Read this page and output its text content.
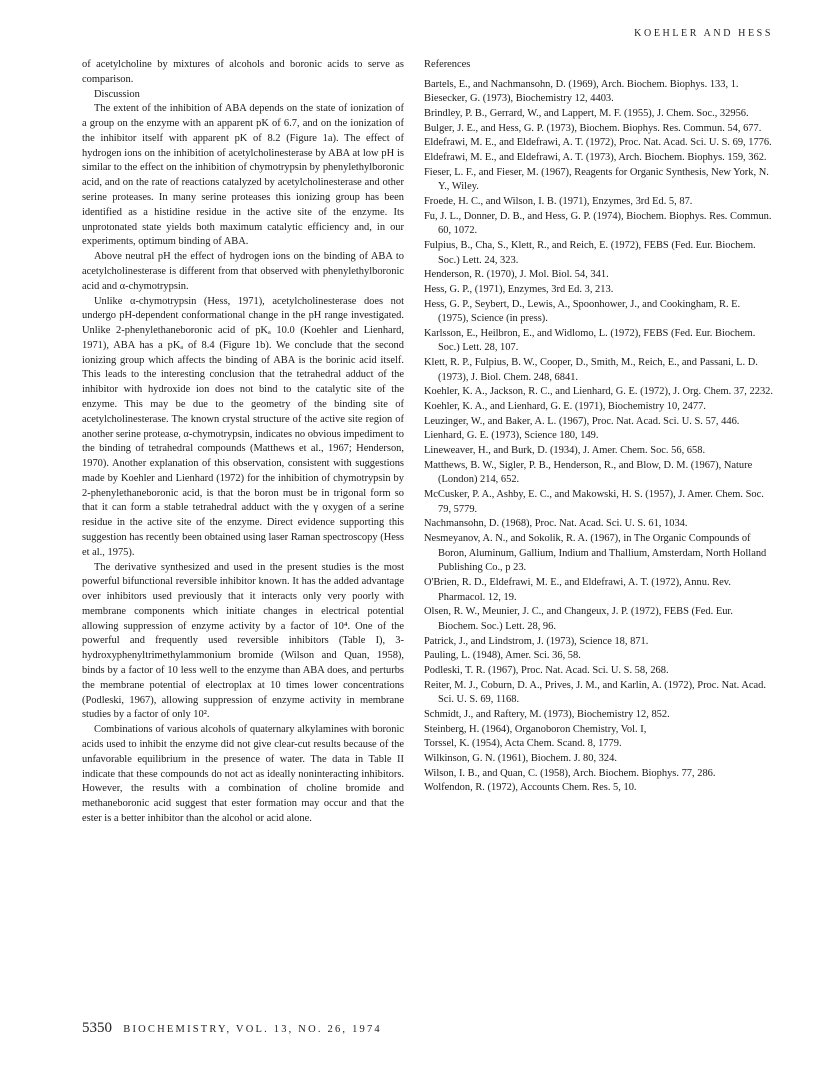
KOEHLER AND HESS

of acetylcholine by mixtures of alcohols and boronic acids to serve as comparison.

Discussion

The extent of the inhibition of ABA depends on the state of ionization of a group on the enzyme with an apparent pK of 6.7, and on the ionization of the inhibitor itself with apparent pK of 8.2 (Figure 1a). The effect of hydrogen ions on the inhibition of acetylcholinesterase by ABA at low pH is similar to the effect on the inhibition of chymotrypsin by phenylethylboronic acid, and on the rate of reactions catalyzed by acetylcholinesterase and other serine proteases. In many serine proteases this ionizing group has been identified as a histidine residue in the active site of the enzyme. Its unprotonated state yields both maximum catalytic efficiency and, in our experiments, optimum binding of ABA.

Above neutral pH the effect of hydrogen ions on the binding of ABA to acetylcholinesterase is different from that observed with phenylethylboronic acid and α-chymotrypsin.

Unlike α-chymotrypsin (Hess, 1971), acetylcholinesterase does not undergo pH-dependent conformational change in the pH range investigated. Unlike 2-phenylethaneboronic acid of pKₐ 10.0 (Koehler and Lienhard, 1971), ABA has a pKₐ of 8.4 (Figure 1b). We conclude that the second ionizing group which affects the binding of ABA is the borinic acid itself. This leads to the interesting conclusion that the tetrahedral adduct of the inhibitor with hydroxide ion does not bind to the catalytic site of the enzyme. This may be due to the geometry of the binding site of acetylcholinesterase. The known crystal structure of the active site region of another serine protease, α-chymotrypsin, indicates no obvious impediment to the binding of tetrahedral compounds (Matthews et al., 1967; Henderson, 1970). Another explanation of this observation, consistent with suggestions made by Koehler and Lienhard (1972) for the inhibition of chymotrypsin by 2-phenylethaneboronic acid, is that the boron must be in trigonal form so that it can form a stable tetrahedral adduct with the γ oxygen of a serine residue in the active site of the enzyme. Direct evidence supporting this suggestion has recently been obtained using laser Raman spectroscopy (Hess et al., 1975).

The derivative synthesized and used in the present studies is the most powerful bifunctional reversible inhibitor known. It has the added advantage over inhibitors used previously that it interacts only very poorly with membrane components which initiate changes in electrical potential allowing suppression of enzyme activity by a factor of 10⁴. One of the powerful and frequently used reversible inhibitors (Table I), 3-hydroxyphenyltrimethylammonium bromide (Wilson and Quan, 1958), binds by a factor of 10 less well to the enzyme than ABA does, and perturbs the membrane potential of electroplax at 10 times lower concentrations (Podleski, 1967), allowing suppression of enzyme activity in membrane studies by a factor of only 10².

Combinations of various alcohols of quaternary alkylamines with boronic acids used to inhibit the enzyme did not give clear-cut results because of the unfavorable equilibrium in the presence of water. The data in Table II indicate that these compounds do not act as ideally noninteracting inhibitors. However, the results with a combination of choline bromide and methaneboronic acid suggest that ester formation may occur and that the ester is a better inhibitor than the alcohol or acid alone.

References

Bartels, E., and Nachmansohn, D. (1969), Arch. Biochem. Biophys. 133, 1.

Biesecker, G. (1973), Biochemistry 12, 4403.

Brindley, P. B., Gerrard, W., and Lappert, M. F. (1955), J. Chem. Soc., 32956.

Bulger, J. E., and Hess, G. P. (1973), Biochem. Biophys. Res. Commun. 54, 677.

Eldefrawi, M. E., and Eldefrawi, A. T. (1972), Proc. Nat. Acad. Sci. U. S. 69, 1776.

Eldefrawi, M. E., and Eldefrawi, A. T. (1973), Arch. Biochem. Biophys. 159, 362.

Fieser, L. F., and Fieser, M. (1967), Reagents for Organic Synthesis, New York, N. Y., Wiley.

Froede, H. C., and Wilson, I. B. (1971), Enzymes, 3rd Ed. 5, 87.

Fu, J. L., Donner, D. B., and Hess, G. P. (1974), Biochem. Biophys. Res. Commun. 60, 1072.

Fulpius, B., Cha, S., Klett, R., and Reich, E. (1972), FEBS (Fed. Eur. Biochem. Soc.) Lett. 24, 323.

Henderson, R. (1970), J. Mol. Biol. 54, 341.

Hess, G. P., (1971), Enzymes, 3rd Ed. 3, 213.

Hess, G. P., Seybert, D., Lewis, A., Spoonhower, J., and Cookingham, R. E. (1975), Science (in press).

Karlsson, E., Heilbron, E., and Widlomo, L. (1972), FEBS (Fed. Eur. Biochem. Soc.) Lett. 28, 107.

Klett, R. P., Fulpius, B. W., Cooper, D., Smith, M., Reich, E., and Passani, L. D. (1973), J. Biol. Chem. 248, 6841.

Koehler, K. A., Jackson, R. C., and Lienhard, G. E. (1972), J. Org. Chem. 37, 2232.

Koehler, K. A., and Lienhard, G. E. (1971), Biochemistry 10, 2477.

Leuzinger, W., and Baker, A. L. (1967), Proc. Nat. Acad. Sci. U. S. 57, 446.

Lienhard, G. E. (1973), Science 180, 149.

Lineweaver, H., and Burk, D. (1934), J. Amer. Chem. Soc. 56, 658.

Matthews, B. W., Sigler, P. B., Henderson, R., and Blow, D. M. (1967), Nature (London) 214, 652.

McCusker, P. A., Ashby, E. C., and Makowski, H. S. (1957), J. Amer. Chem. Soc. 79, 5779.

Nachmansohn, D. (1968), Proc. Nat. Acad. Sci. U. S. 61, 1034.

Nesmeyanov, A. N., and Sokolik, R. A. (1967), in The Organic Compounds of Boron, Aluminum, Gallium, Indium and Thallium, Amsterdam, North Holland Publishing Co., p 23.

O'Brien, R. D., Eldefrawi, M. E., and Eldefrawi, A. T. (1972), Annu. Rev. Pharmacol. 12, 19.

Olsen, R. W., Meunier, J. C., and Changeux, J. P. (1972), FEBS (Fed. Eur. Biochem. Soc.) Lett. 28, 96.

Patrick, J., and Lindstrom, J. (1973), Science 18, 871.

Pauling, L. (1948), Amer. Sci. 36, 58.

Podleski, T. R. (1967), Proc. Nat. Acad. Sci. U. S. 58, 268.

Reiter, M. J., Coburn, D. A., Prives, J. M., and Karlin, A. (1972), Proc. Nat. Acad. Sci. U. S. 69, 1168.

Schmidt, J., and Raftery, M. (1973), Biochemistry 12, 852.

Steinberg, H. (1964), Organoboron Chemistry, Vol. I,

Torssel, K. (1954), Acta Chem. Scand. 8, 1779.

Wilkinson, G. N. (1961), Biochem. J. 80, 324.

Wilson, I. B., and Quan, C. (1958), Arch. Biochem. Biophys. 77, 286.

Wolfendon, R. (1972), Accounts Chem. Res. 5, 10.

5350 BIOCHEMISTRY, VOL. 13, NO. 26, 1974
